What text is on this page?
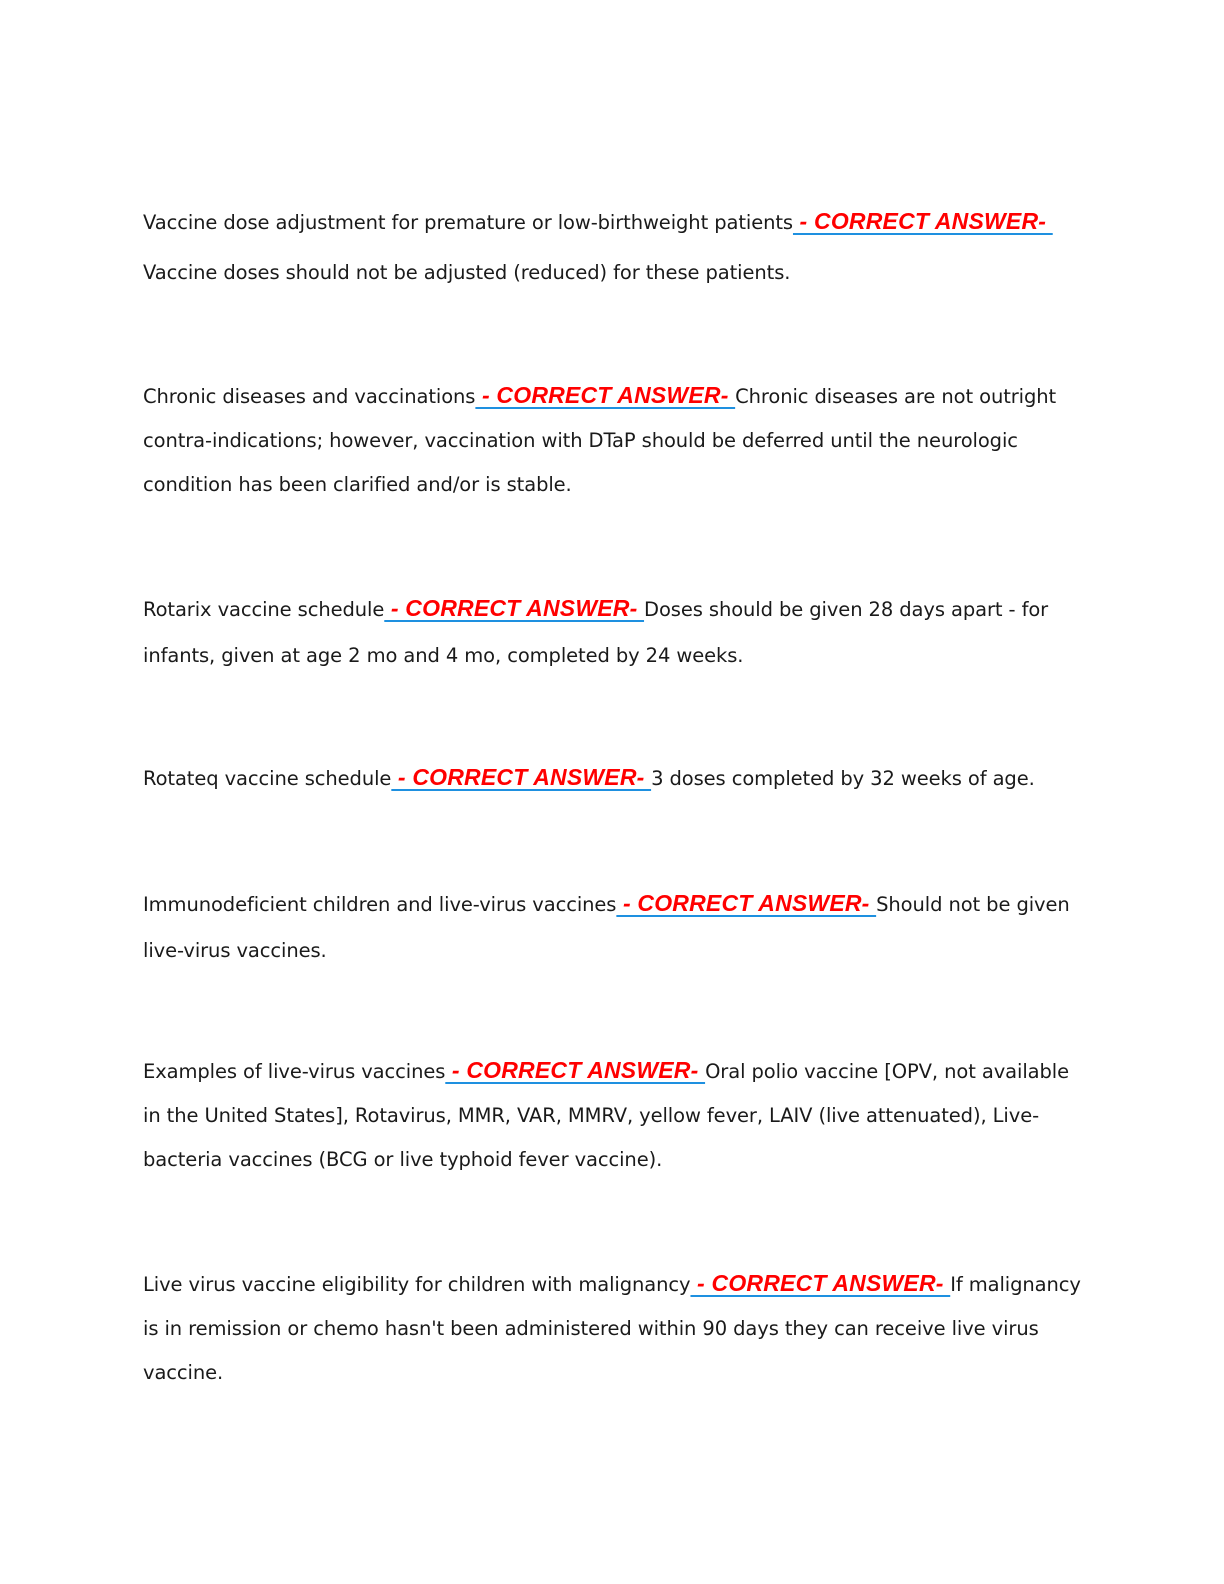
Vaccine dose adjustment for premature or low-birthweight patients - CORRECT ANSWER- Vaccine doses should not be adjusted (reduced) for these patients.
Chronic diseases and vaccinations - CORRECT ANSWER- Chronic diseases are not outright contra-indications; however, vaccination with DTaP should be deferred until the neurologic condition has been clarified and/or is stable.
Rotarix vaccine schedule - CORRECT ANSWER- Doses should be given 28 days apart - for infants, given at age 2 mo and 4 mo, completed by 24 weeks.
Rotateq vaccine schedule - CORRECT ANSWER- 3 doses completed by 32 weeks of age.
Immunodeficient children and live-virus vaccines - CORRECT ANSWER- Should not be given live-virus vaccines.
Examples of live-virus vaccines - CORRECT ANSWER- Oral polio vaccine [OPV, not available in the United States], Rotavirus, MMR, VAR, MMRV, yellow fever, LAIV (live attenuated), Live-bacteria vaccines (BCG or live typhoid fever vaccine).
Live virus vaccine eligibility for children with malignancy - CORRECT ANSWER- If malignancy is in remission or chemo hasn't been administered within 90 days they can receive live virus vaccine.
